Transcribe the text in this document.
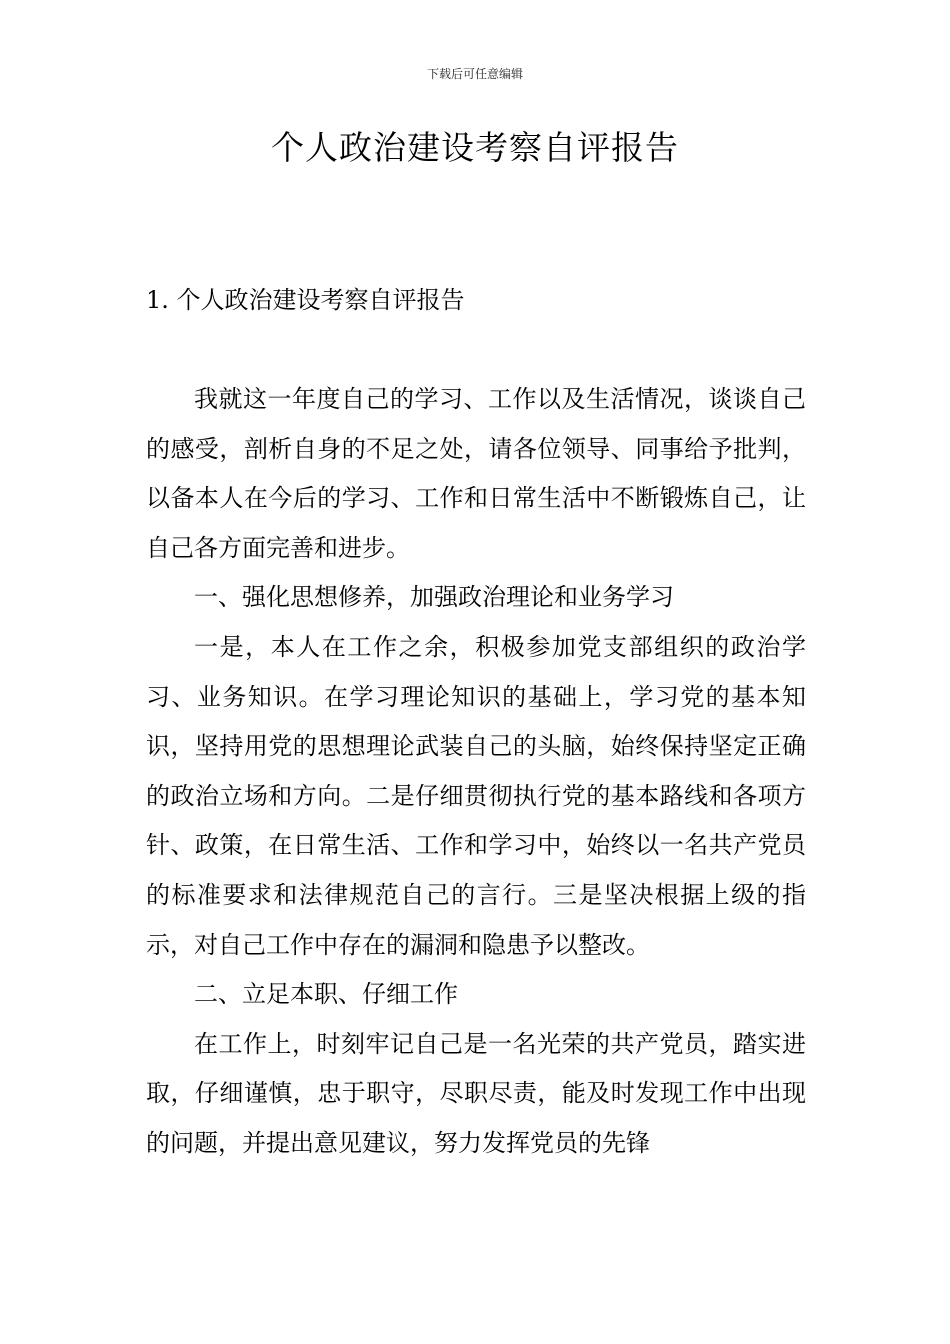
下载后可任意编辑
个人政治建设考察自评报告
1. 个人政治建设考察自评报告

我就这一年度自己的学习、工作以及生活情况，谈谈自己的感受，剖析自身的不足之处，请各位领导、同事给予批判，以备本人在今后的学习、工作和日常生活中不断锻炼自己，让自己各方面完善和进步。

一、强化思想修养，加强政治理论和业务学习

一是，本人在工作之余，积极参加党支部组织的政治学习、业务知识。在学习理论知识的基础上，学习党的基本知识，坚持用党的思想理论武装自己的头脑，始终保持坚定正确的政治立场和方向。二是仔细贯彻执行党的基本路线和各项方针、政策，在日常生活、工作和学习中，始终以一名共产党员的标准要求和法律规范自己的言行。三是坚决根据上级的指示，对自己工作中存在的漏洞和隐患予以整改。

二、立足本职、仔细工作

在工作上，时刻牢记自己是一名光荣的共产党员，踏实进取，仔细谨慎，忠于职守，尽职尽责，能及时发现工作中出现的问题，并提出意见建议，努力发挥党员的先锋
